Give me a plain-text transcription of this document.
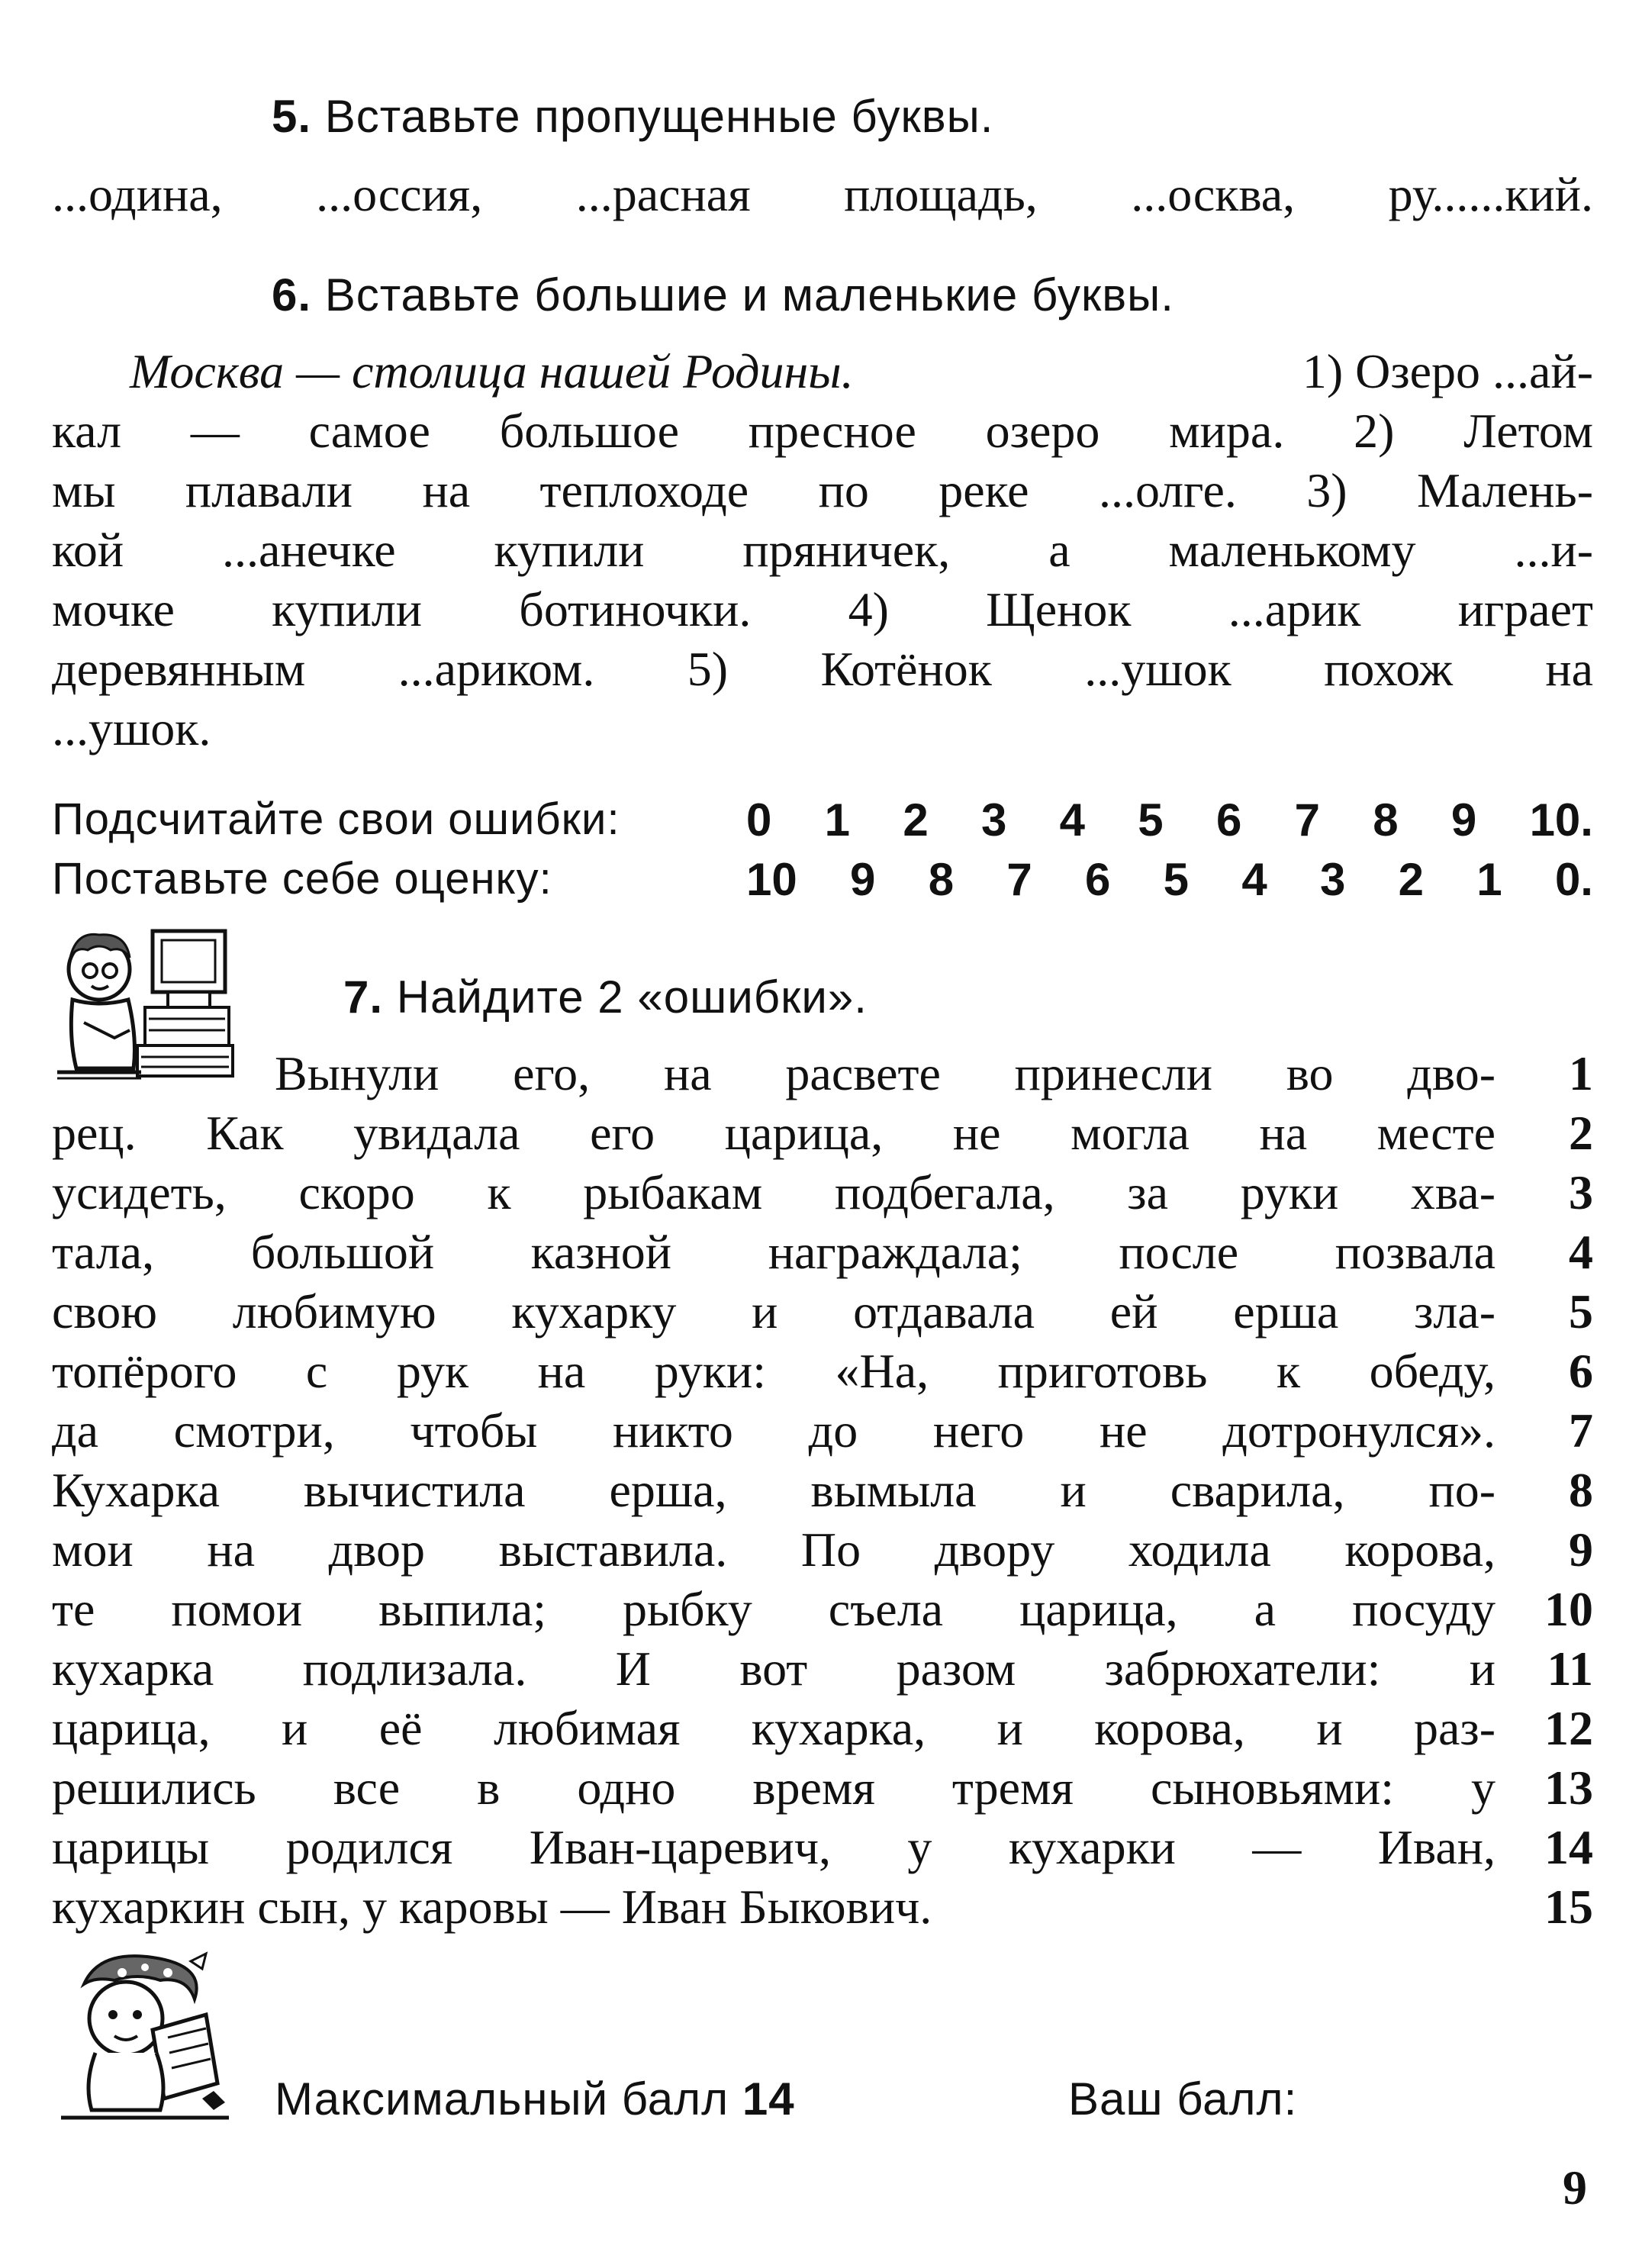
5. Вставьте пропущенные буквы.
...одина, ...оссия, ...расная площадь, ...осква, ру......кий.
6. Вставьте большие и маленькие буквы.
Москва — столица нашей Родины.	1) Озеро ...ай-
кал — самое большое пресное озеро мира. 2) Летом
мы плавали на теплоходе по реке ...олге. 3) Малень-
кой ...анечке купили пряничек, а маленькому ...и-
мочке купили ботиночки. 4) Щенок ...арик играет
деревянным ...ариком. 5) Котёнок ...ушок похож на
...ушок.
Подсчитайте свои ошибки:	0 1 2 3 4 5 6 7 8 9 10.
Поставьте себе оценку:	10 9 8 7 6 5 4 3 2 1 0.
7. Найдите 2 «ошибки».
Вынули его, на расвете принесли во дво-	1
рец. Как увидала его царица, не могла на месте	2
усидеть, скоро к рыбакам подбегала, за руки хва-	3
тала, большой казной награждала; после позвала	4
свою любимую кухарку и отдавала ей ерша зла-	5
топёрого с рук на руки: «На, приготовь к обеду,	6
да смотри, чтобы никто до него не дотронулся».	7
Кухарка вычистила ерша, вымыла и сварила, по-	8
мои на двор выставила. По двору ходила корова,	9
те помои выпила; рыбку съела царица, а посуду	10
кухарка подлизала. И вот разом забрюхатели: и	11
царица, и её любимая кухарка, и корова, и раз-	12
решились все в одно время тремя сыновьями: у	13
царицы родился Иван-царевич, у кухарки — Иван,	14
кухаркин сын, у каровы — Иван Быкович.	15
Максимальный балл 14	Ваш балл:
9
